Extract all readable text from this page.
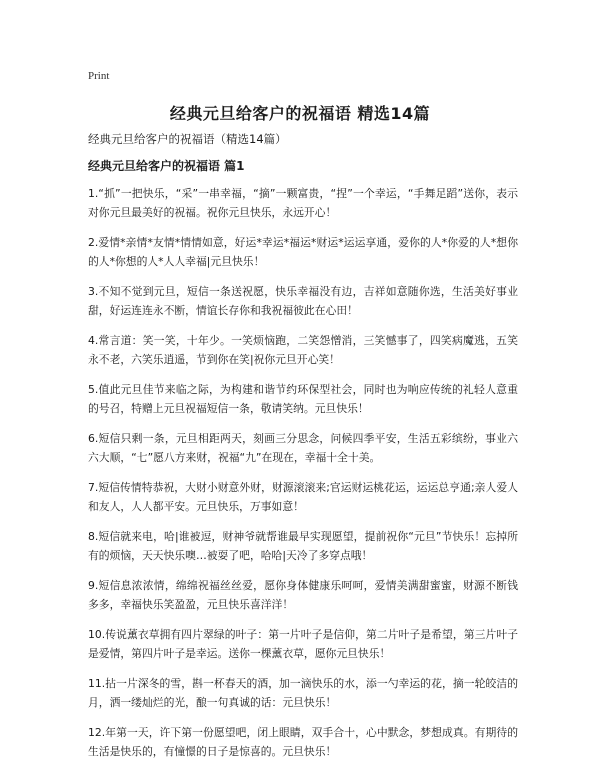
Print
经典元旦给客户的祝福语 精选14篇

经典元旦给客户的祝福语（精选14篇）

经典元旦给客户的祝福语 篇1

1.“抓”一把快乐，“采”一串幸福，“摘”一颗富贵，“捏”一个幸运，“手舞足蹈”送你，表示对你元旦最美好的祝福。祝你元旦快乐，永远开心！

2.爱情*亲情*友情*情情如意，好运*幸运*福运*财运*运运享通，爱你的人*你爱的人*想你的人*你想的人*人人幸福|元旦快乐！

3.不知不觉到元旦，短信一条送祝愿，快乐幸福没有边，吉祥如意随你选，生活美好事业甜，好运连连永不断，情谊长存你和我祝福彼此在心田！

4.常言道：笑一笑，十年少。一笑烦恼跑，二笑怨憎消，三笑憾事了，四笑病魔逃，五笑永不老，六笑乐逍遥，节到你在笑|祝你元旦开心笑！

5.值此元旦佳节来临之际，为构建和谐节约环保型社会，同时也为响应传统的礼轻人意重的号召，特赠上元旦祝福短信一条，敬请笑纳。元旦快乐！

6.短信只剩一条，元旦相距两天，刻画三分思念，问候四季平安，生活五彩缤纷，事业六六大顺，“七”愿八方来财，祝福“九”在现在，幸福十全十美。

7.短信传情特恭祝，大财小财意外财，财源滚滚来;官运财运桃花运，运运总亨通;亲人爱人和友人，人人都平安。元旦快乐，万事如意！

8.短信就来电，哈|谁被逗，财神爷就帮谁最早实现愿望，提前祝你“元旦”节快乐！忘掉所有的烦恼，天天快乐噢…被耍了吧，哈哈|天冷了多穿点哦！

9.短信息浓浓情，绵绵祝福丝丝爱，愿你身体健康乐呵呵，爱情美满甜蜜蜜，财源不断钱多多，幸福快乐笑盈盈，元旦快乐喜洋洋！

10.传说薰衣草拥有四片翠绿的叶子：第一片叶子是信仰，第二片叶子是希望，第三片叶子是爱情，第四片叶子是幸运。送你一棵薰衣草，愿你元旦快乐！

11.拈一片深冬的雪，斟一杯春天的酒，加一滴快乐的水，添一勺幸运的花，摘一轮皎洁的月，洒一缕灿烂的光，酿一句真诚的话：元旦快乐！

12.年第一天，许下第一份愿望吧，闭上眼睛，双手合十，心中默念，梦想成真。有期待的生活是快乐的，有憧憬的日子是惊喜的。元旦快乐！
